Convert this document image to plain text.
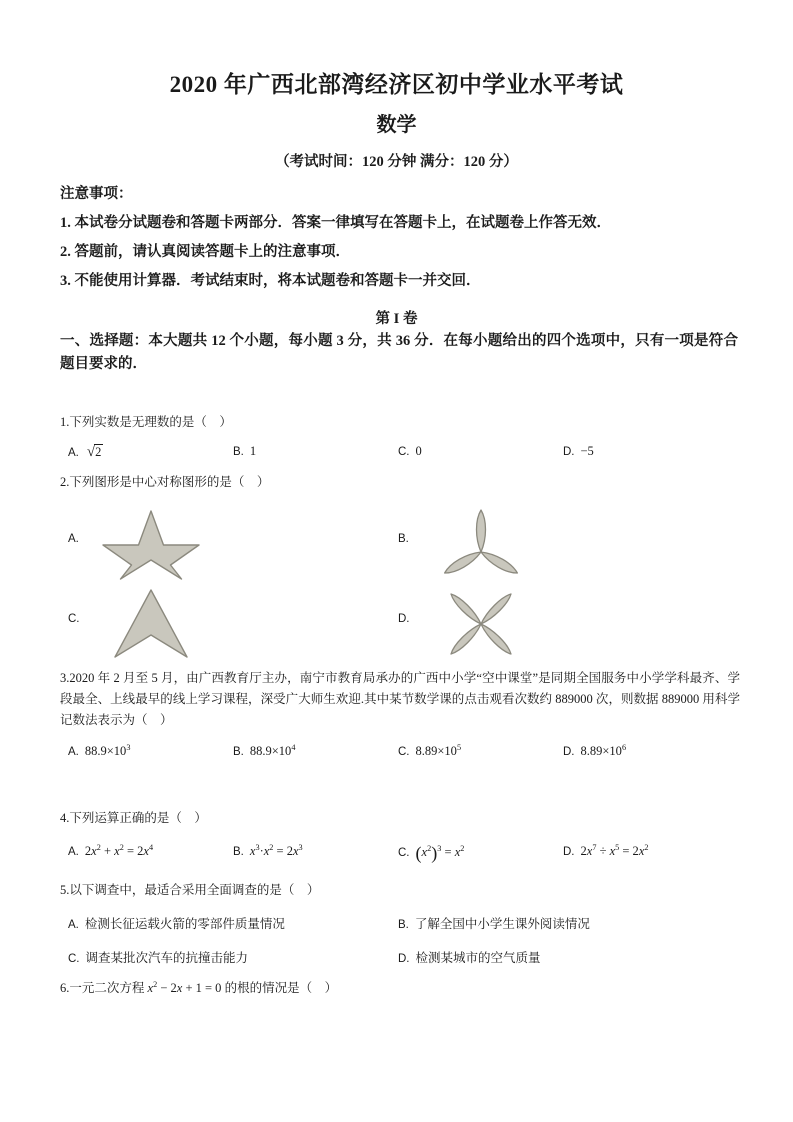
2020 年广西北部湾经济区初中学业水平考试
数学
（考试时间：120 分钟 满分：120 分）

注意事项：

1. 本试卷分试题卷和答题卡两部分．答案一律填写在答题卡上，在试题卷上作答无效．

2. 答题前，请认真阅读答题卡上的注意事项．

3. 不能使用计算器．考试结束时，将本试题卷和答题卡一并交回．

第 I 卷
一、选择题：本大题共 12 个小题，每小题 3 分，共 36 分．在每小题给出的四个选项中，只有一项是符合题目要求的．

1.下列实数是无理数的是（　）

A. √2	B. 1	C. 0	D. −5

2.下列图形是中心对称图形的是（　）

A.	B.
C.	D.

3.2020 年 2 月至 5 月，由广西教育厅主办，南宁市教育局承办的广西中小学“空中课堂”是同期全国服务中小学学科最齐、学段最全、上线最早的线上学习课程，深受广大师生欢迎.其中某节数学课的点击观看次数约 889000 次，则数据 889000 用科学记数法表示为（　）

A. $88.9\times 10^3$	B. $88.9\times 10^4$	C. $8.89\times 10^5$	D. $8.89\times 10^6$

4.下列运算正确的是（　）

A. $2x^2 + x^2 = 2x^4$	B. $x^3\cdot x^2 = 2x^3$	C. $(x^2)^3 = x^2$	D. $2x^7 \div x^5 = 2x^2$

5.以下调查中，最适合采用全面调查的是（　）

A. 检测长征运载火箭的零部件质量情况	B. 了解全国中小学生课外阅读情况
C. 调查某批次汽车的抗撞击能力	D. 检测某城市的空气质量

6.一元二次方程 $x^2 - 2x + 1 = 0$ 的根的情况是（　）
